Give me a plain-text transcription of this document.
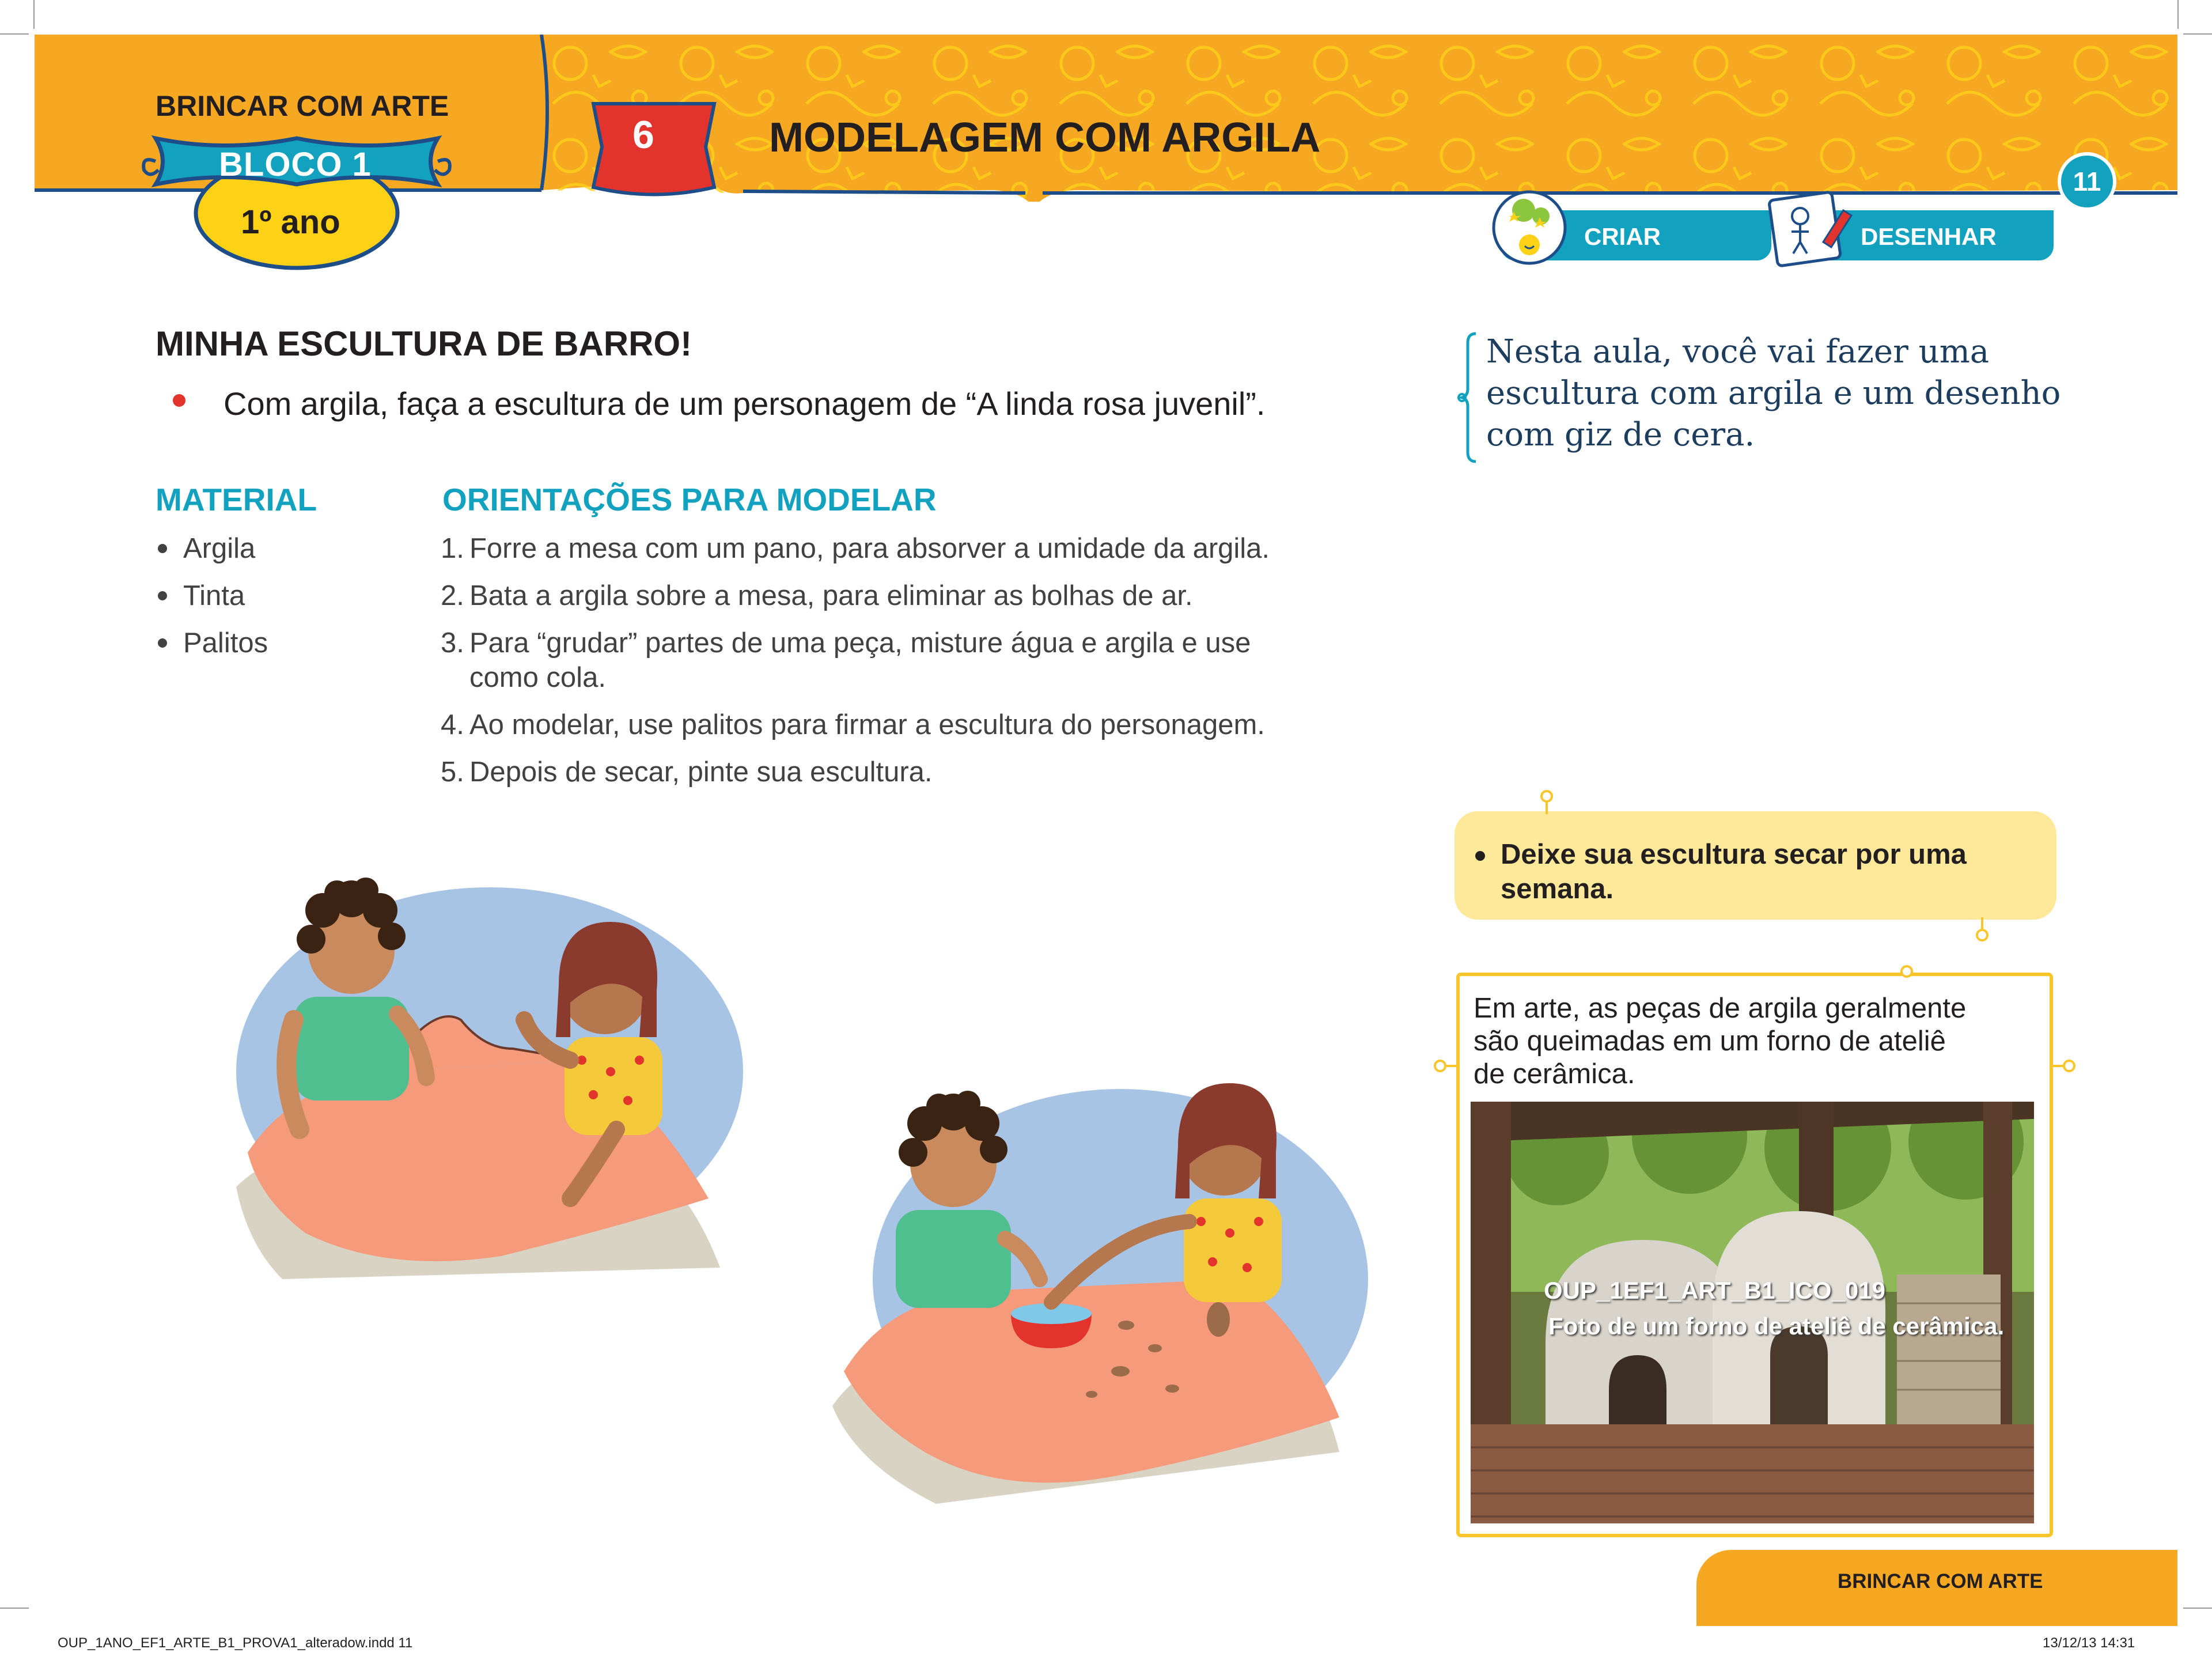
BRINCAR COM ARTE
BLOCO 1
1º ano
6	MODELAGEM COM ARGILA
11
CRIAR	DESENHAR
MINHA ESCULTURA DE BARRO!
Com argila, faça a escultura de um personagem de “A linda rosa juvenil”.
Nesta aula, você vai fazer uma
escultura com argila e um desenho
com giz de cera.
MATERIAL
Argila
Tinta
Palitos
ORIENTAÇÕES PARA MODELAR
1. Forre a mesa com um pano, para absorver a umidade da argila.
2. Bata a argila sobre a mesa, para eliminar as bolhas de ar.
3. Para “grudar” partes de uma peça, misture água e argila e use
como cola.
4. Ao modelar, use palitos para firmar a escultura do personagem.
5. Depois de secar, pinte sua escultura.
Deixe sua escultura secar por uma
semana.
Em arte, as peças de argila geralmente
são queimadas em um forno de ateliê
de cerâmica.
OUP_1EF1_ART_B1_ICO_019
Foto de um forno de ateliê de cerâmica.
BRINCAR COM ARTE
OUP_1ANO_EF1_ARTE_B1_PROVA1_alteradow.indd 11	13/12/13 14:31
